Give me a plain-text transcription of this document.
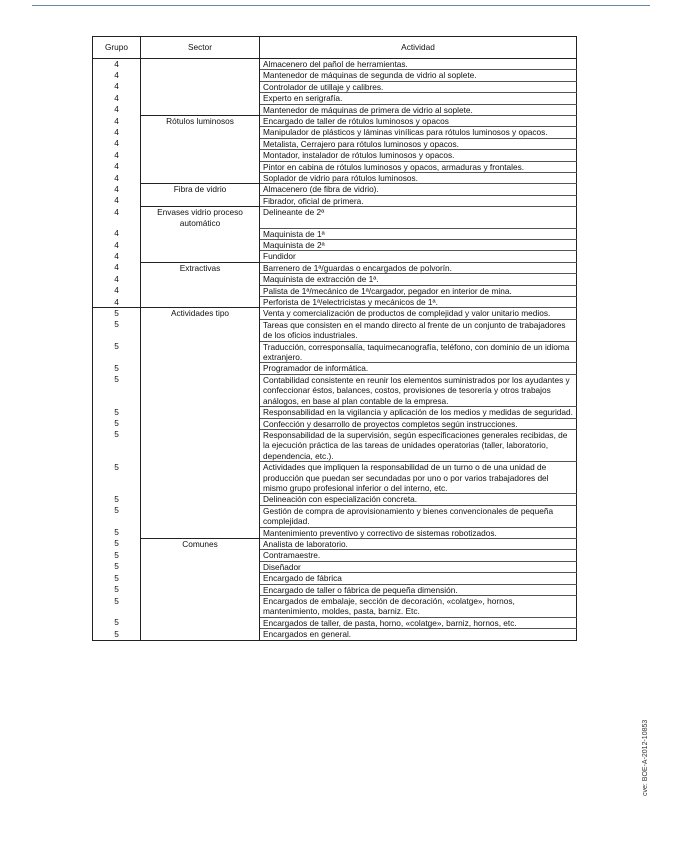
Grupo	Sector	Actividad
4		Almacenero del pañol de herramientas.
4		Mantenedor de máquinas de segunda de vidrio al soplete.
4		Controlador de utillaje y calibres.
4		Experto en serigrafía.
4		Mantenedor de máquinas de primera de vidrio al soplete.
4	Rótulos luminosos	Encargado de taller de rótulos luminosos y opacos
4		Manipulador de plásticos y láminas vinílicas para rótulos luminosos y opacos.
4		Metalista, Cerrajero para rótulos luminosos y opacos.
4		Montador, instalador de rótulos luminosos y opacos.
4		Pintor en cabina de rótulos luminosos y opacos, armaduras y frontales.
4		Soplador de vidrio para rótulos luminosos.
4	Fibra de vidrio	Almacenero (de fibra de vidrio).
4		Fibrador, oficial de primera.
4	Envases vidrio proceso automático	Delineante de 2ª
4		Maquinista de 1ª
4		Maquinista de 2ª
4		Fundidor
4	Extractivas	Barrenero de 1ª/guardas o encargados de polvorín.
4		Maquinista de extracción de 1ª.
4		Palista de 1ª/mecánico de 1ª/cargador, pegador en interior de mina.
4		Perforista de 1ª/electricistas y mecánicos de 1ª.
5	Actividades tipo	Venta y comercialización de productos de complejidad y valor unitario medios.
5		Tareas que consisten en el mando directo al frente de un conjunto de trabajadores de los oficios industriales.
5		Traducción, corresponsalía, taquimecanografía, teléfono, con dominio de un idioma extranjero.
5		Programador de informática.
5		Contabilidad consistente en reunir los elementos suministrados por los ayudantes y confeccionar éstos, balances, costos, provisiones de tesorería y otros trabajos análogos, en base al plan contable de la empresa.
5		Responsabilidad en la vigilancia y aplicación de los medios y medidas de seguridad.
5		Confección y desarrollo de proyectos completos según instrucciones.
5		Responsabilidad de la supervisión, según especificaciones generales recibidas, de la ejecución práctica de las tareas de unidades operatorias (taller, laboratorio, dependencia, etc.).
5		Actividades que impliquen la responsabilidad de un turno o de una unidad de producción que puedan ser secundadas por uno o por varios trabajadores del mismo grupo profesional inferior o del interno, etc.
5		Delineación con especialización concreta.
5		Gestión de compra de aprovisionamiento y bienes convencionales de pequeña complejidad.
5		Mantenimiento preventivo y correctivo de sistemas robotizados.
5	Comunes	Analista de laboratorio.
5		Contramaestre.
5		Diseñador
5		Encargado de fábrica
5		Encargado de taller o fábrica de pequeña dimensión.
5		Encargados de embalaje, sección de decoración, «colatge», hornos, mantenimiento, moldes, pasta, barniz. Etc.
5		Encargados de taller, de pasta, horno, «colatge», barniz, hornos, etc.
5		Encargados en general.
cve: BOE-A-2012-10853
